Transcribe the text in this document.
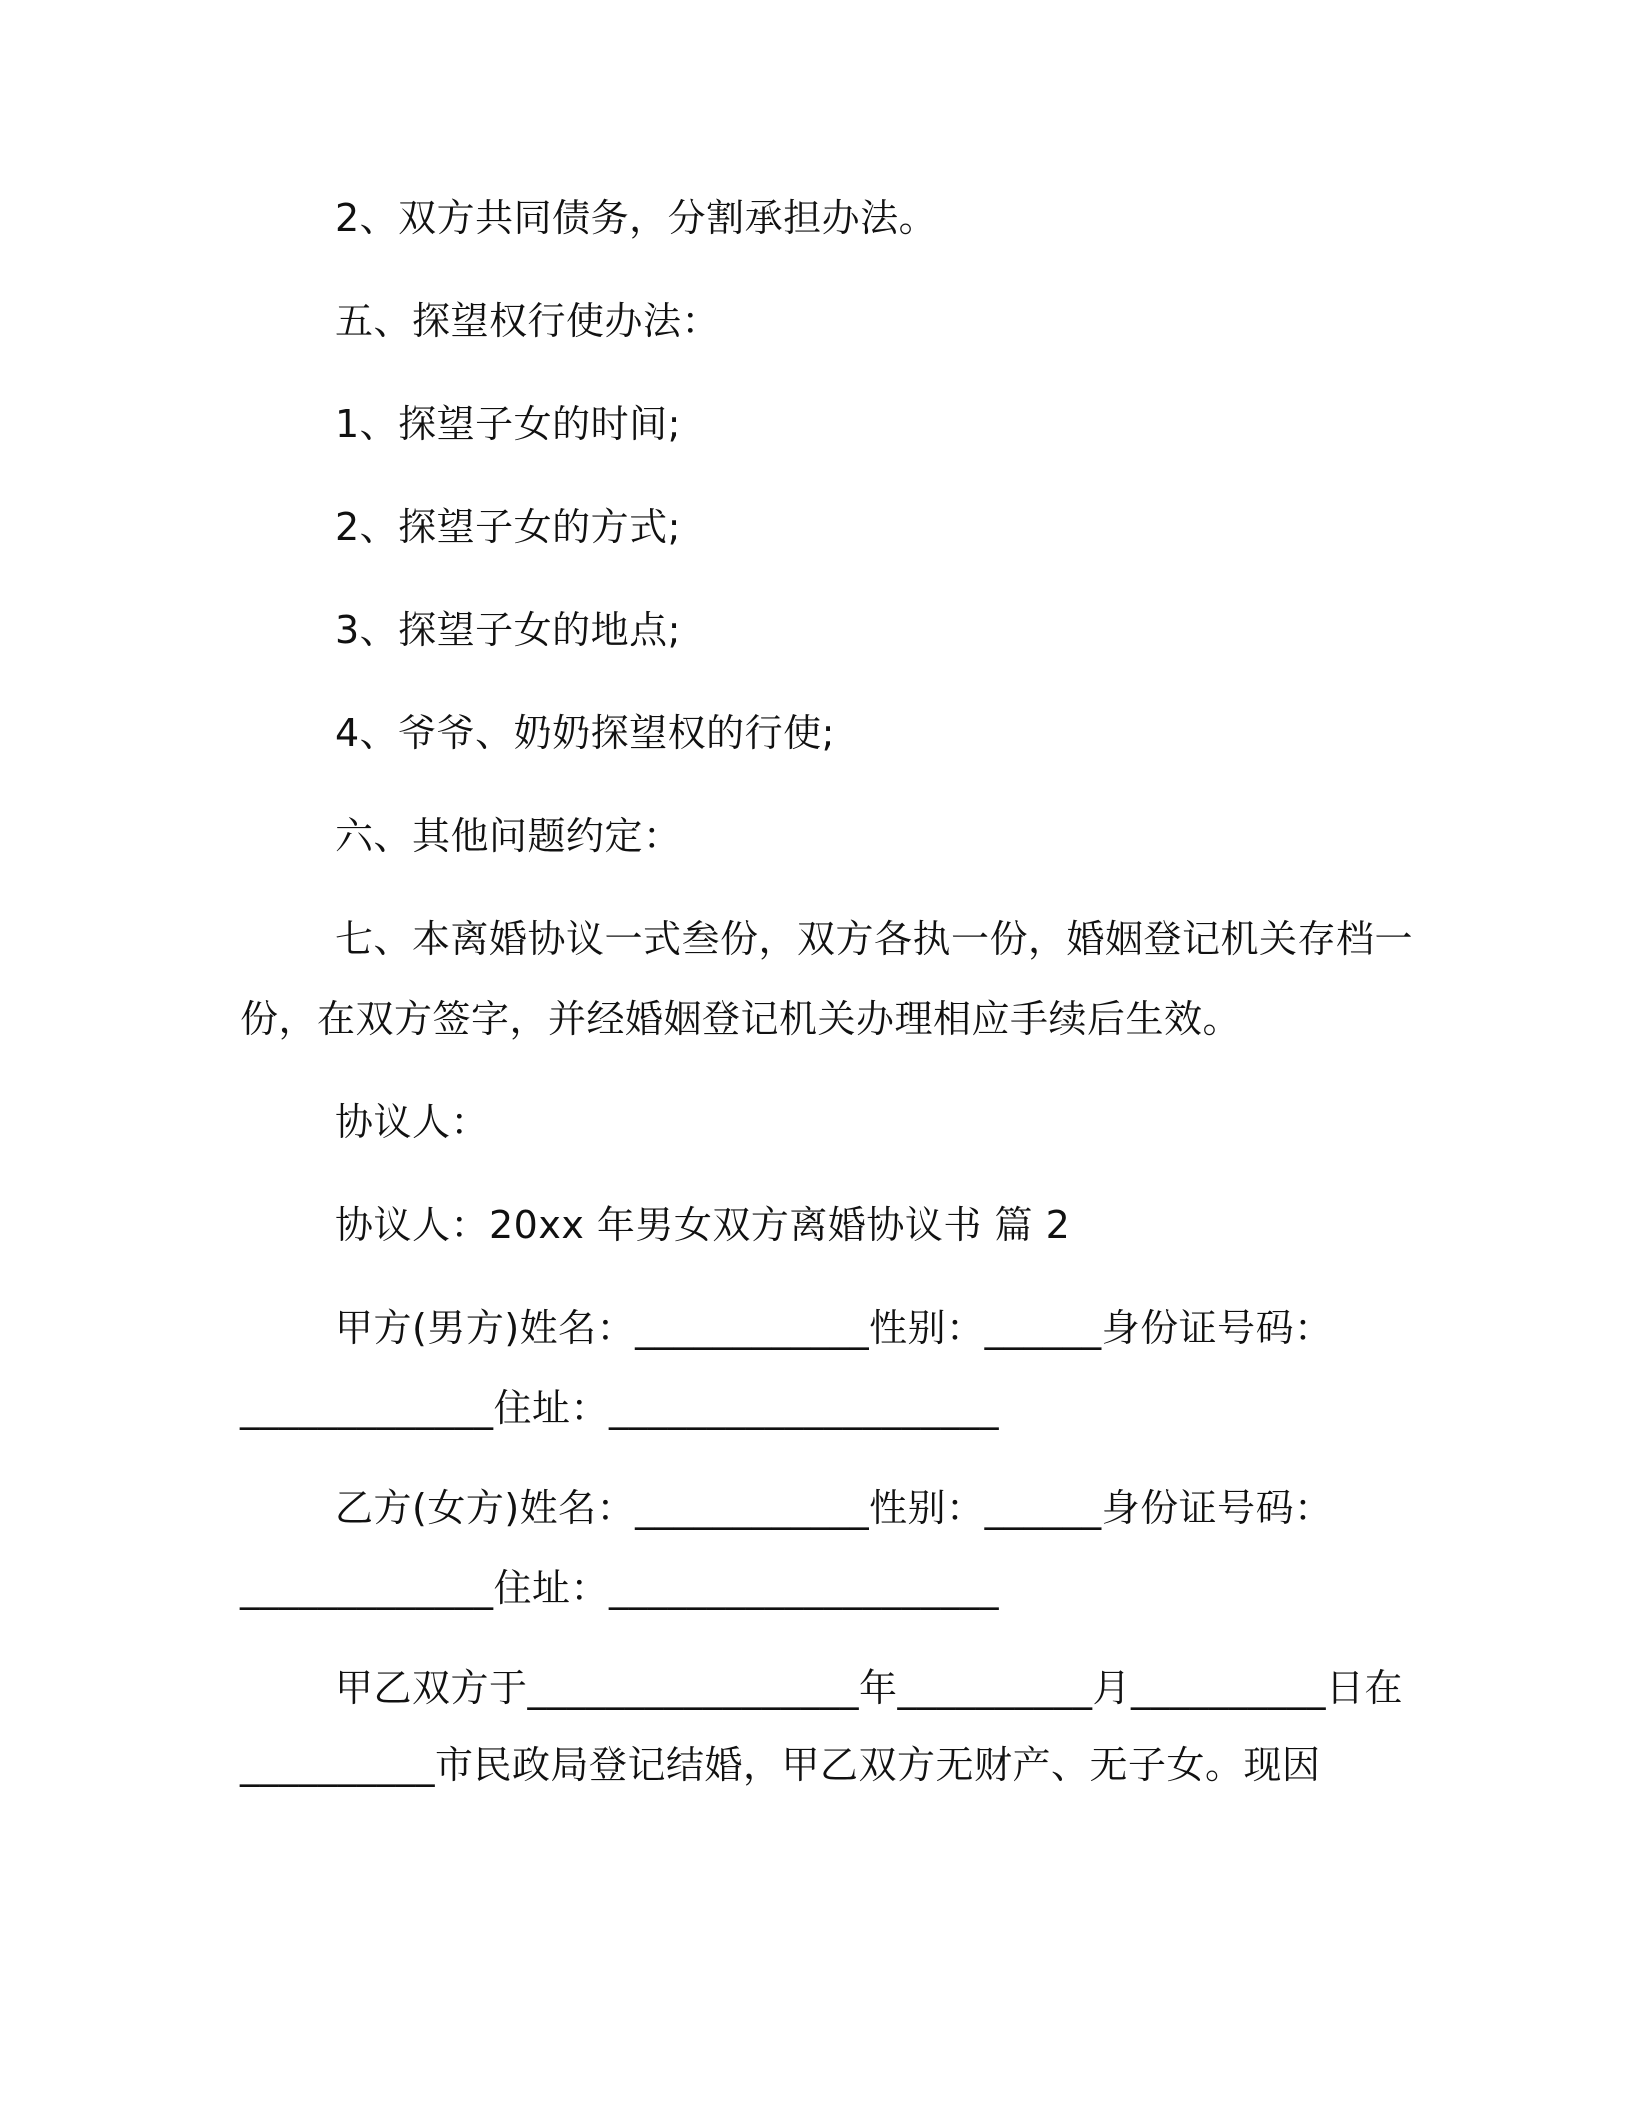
2、双方共同债务，分割承担办法。
五、探望权行使办法：
1、探望子女的时间;
2、探望子女的方式;
3、探望子女的地点;
4、爷爷、奶奶探望权的行使;
六、其他问题约定：
七、本离婚协议一式叁份，双方各执一份，婚姻登记机关存档一
份，在双方签字，并经婚姻登记机关办理相应手续后生效。
协议人：
协议人：20xx 年男女双方离婚协议书 篇 2
甲方(男方)姓名：____________性别：______身份证号码：
_____________住址：____________________
乙方(女方)姓名：____________性别：______身份证号码：
_____________住址：____________________
甲乙双方于_________________年__________月__________日在
__________市民政局登记结婚，甲乙双方无财产、无子女。现因
